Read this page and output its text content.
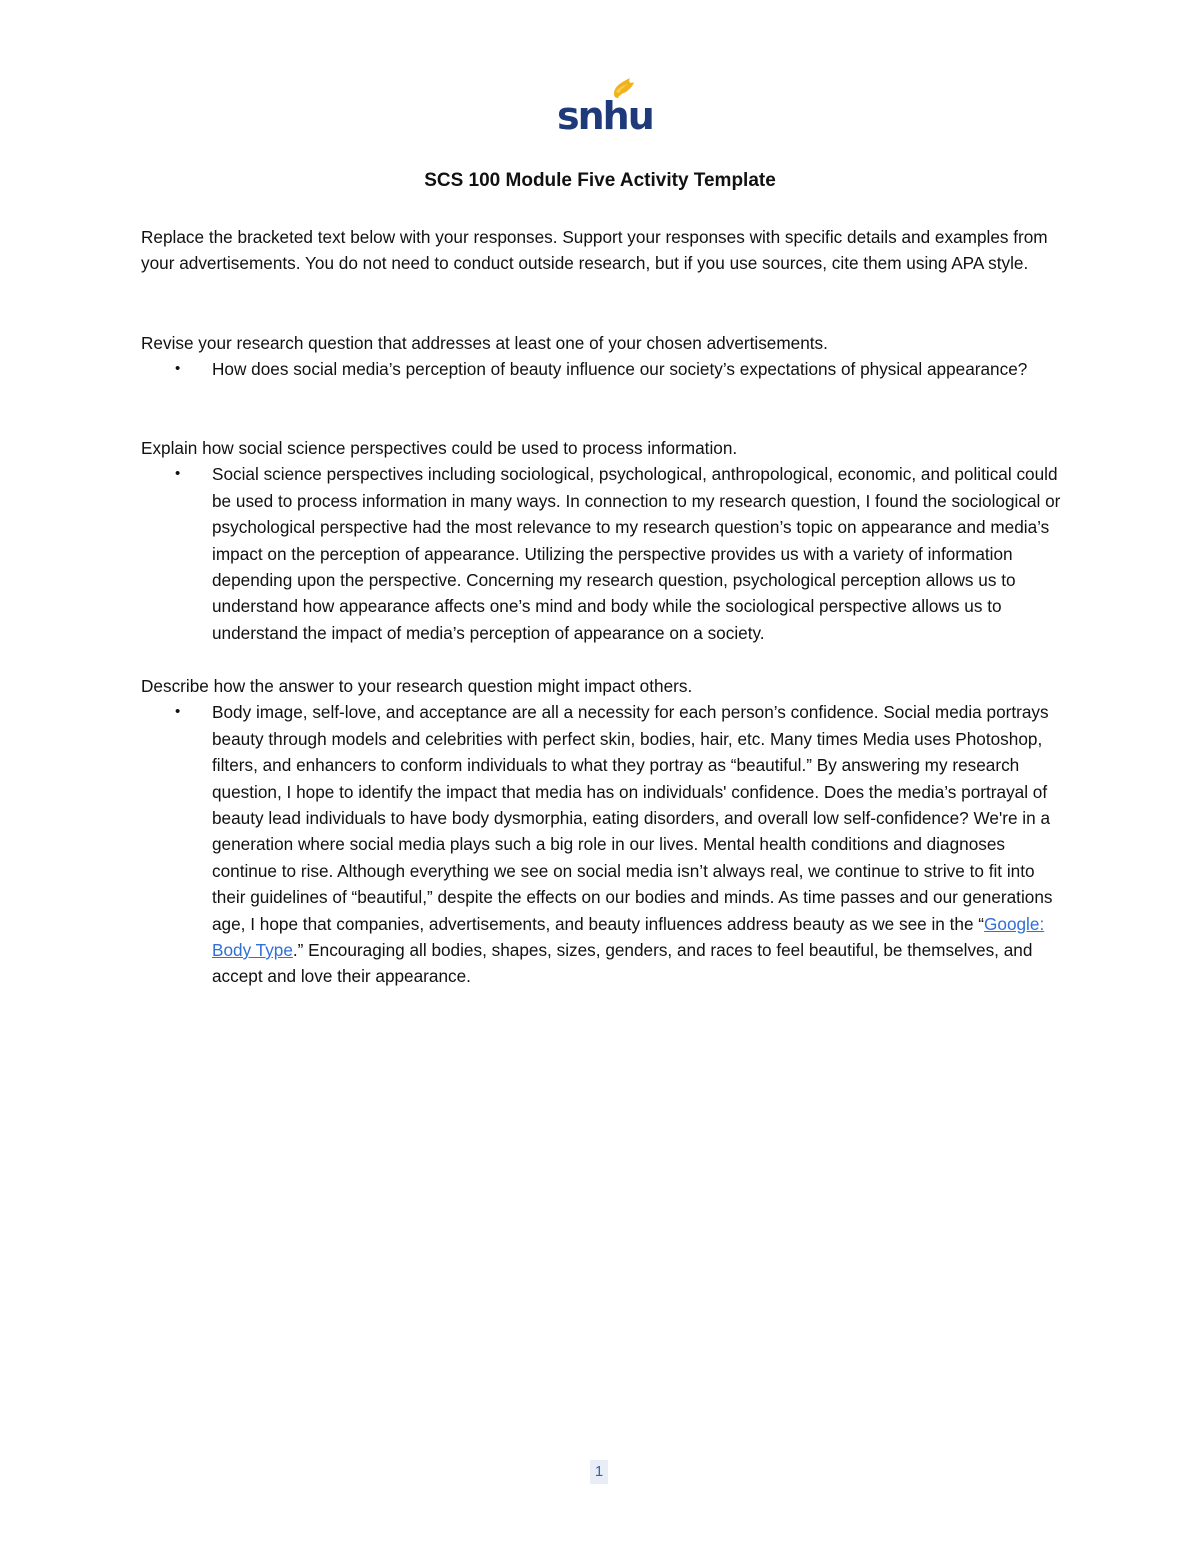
snhu
SCS 100 Module Five Activity Template
Replace the bracketed text below with your responses. Support your responses with specific details and examples from your advertisements. You do not need to conduct outside research, but if you use sources, cite them using APA style.

Revise your research question that addresses at least one of your chosen advertisements.

• How does social media’s perception of beauty influence our society’s expectations of physical appearance?

Explain how social science perspectives could be used to process information.

• Social science perspectives including sociological, psychological, anthropological, economic, and political could be used to process information in many ways. In connection to my research question, I found the sociological or psychological perspective had the most relevance to my research question’s topic on appearance and media’s impact on the perception of appearance. Utilizing the perspective provides us with a variety of information depending upon the perspective. Concerning my research question, psychological perception allows us to understand how appearance affects one’s mind and body while the sociological perspective allows us to understand the impact of media’s perception of appearance on a society.

Describe how the answer to your research question might impact others.

• Body image, self-love, and acceptance are all a necessity for each person’s confidence. Social media portrays beauty through models and celebrities with perfect skin, bodies, hair, etc. Many times Media uses Photoshop, filters, and enhancers to conform individuals to what they portray as “beautiful.” By answering my research question, I hope to identify the impact that media has on individuals' confidence. Does the media’s portrayal of beauty lead individuals to have body dysmorphia, eating disorders, and overall low self-confidence? We're in a generation where social media plays such a big role in our lives. Mental health conditions and diagnoses continue to rise. Although everything we see on social media isn’t always real, we continue to strive to fit into their guidelines of “beautiful,” despite the effects on our bodies and minds. As time passes and our generations age, I hope that companies, advertisements, and beauty influences address beauty as we see in the “Google: Body Type.” Encouraging all bodies, shapes, sizes, genders, and races to feel beautiful, be themselves, and accept and love their appearance.
1
